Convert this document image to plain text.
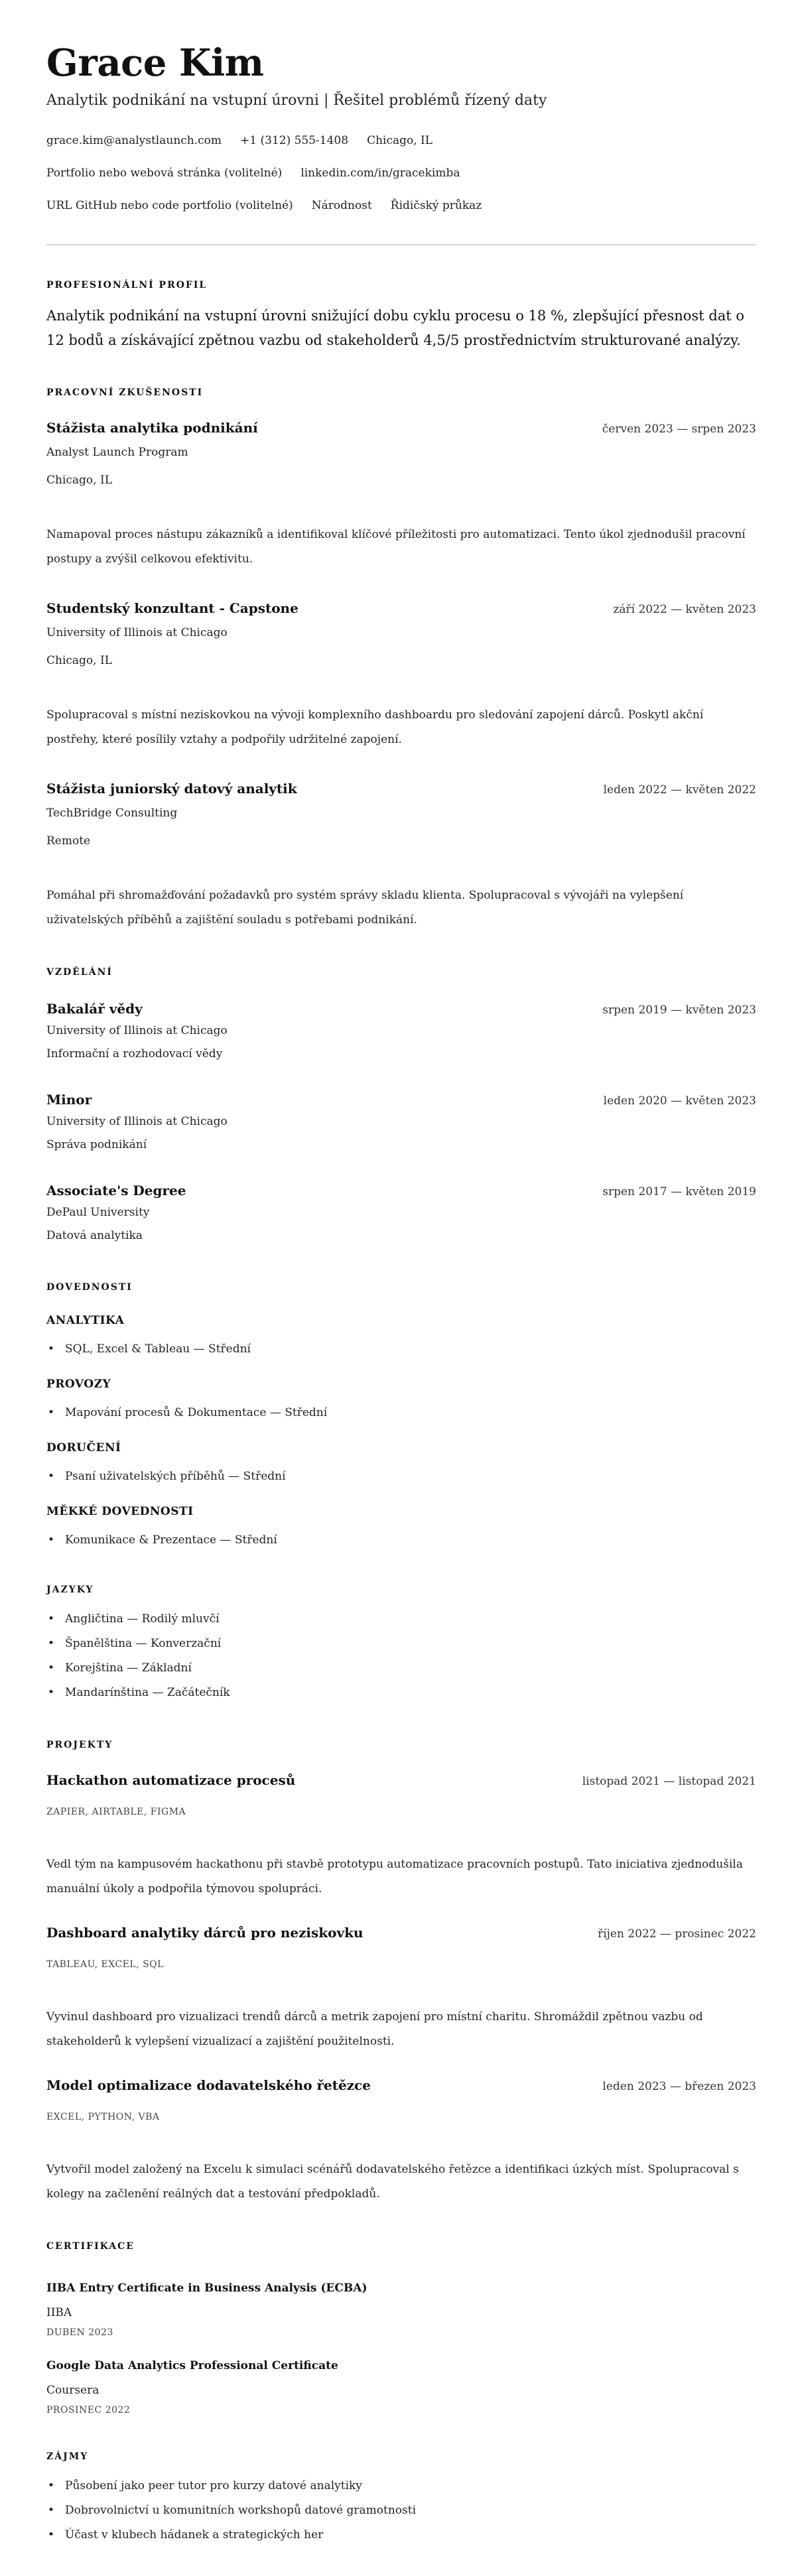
Grace Kim
Analytik podnikání na vstupní úrovni | Řešitel problémů řízený daty
grace.kim@analystlaunch.com +1 (312) 555-1408 Chicago, IL
Portfolio nebo webová stránka (volitelné) linkedin.com/in/gracekimba
URL GitHub nebo code portfolio (volitelné) Národnost Řidičský průkaz
PROFESIONÁLNÍ PROFIL
Analytik podnikání na vstupní úrovni snižující dobu cyklu procesu o 18 %, zlepšující přesnost dat o 12 bodů a získávající zpětnou vazbu od stakeholderů 4,5/5 prostřednictvím strukturované analýzy.
PRACOVNÍ ZKUŠENOSTI
Stážista analytika podnikání	červen 2023 — srpen 2023
Analyst Launch Program
Chicago, IL
Namapoval proces nástupu zákazníků a identifikoval klíčové příležitosti pro automatizaci. Tento úkol zjednodušil pracovní postupy a zvýšil celkovou efektivitu.
Studentský konzultant - Capstone	září 2022 — květen 2023
University of Illinois at Chicago
Chicago, IL
Spolupracoval s místní neziskovkou na vývoji komplexního dashboardu pro sledování zapojení dárců. Poskytl akční postřehy, které posílily vztahy a podpořily udržitelné zapojení.
Stážista juniorský datový analytik	leden 2022 — květen 2022
TechBridge Consulting
Remote
Pomáhal při shromažďování požadavků pro systém správy skladu klienta. Spolupracoval s vývojáři na vylepšení uživatelských příběhů a zajištění souladu s potřebami podnikání.
VZDĚLÁNÍ
Bakalář vědy	srpen 2019 — květen 2023
University of Illinois at Chicago
Informační a rozhodovací vědy
Minor	leden 2020 — květen 2023
University of Illinois at Chicago
Správa podnikání
Associate's Degree	srpen 2017 — květen 2019
DePaul University
Datová analytika
DOVEDNOSTI
ANALYTIKA
• SQL, Excel & Tableau — Střední
PROVOZY
• Mapování procesů & Dokumentace — Střední
DORUČENÍ
• Psaní uživatelských příběhů — Střední
MĚKKÉ DOVEDNOSTI
• Komunikace & Prezentace — Střední
JAZYKY
• Angličtina — Rodilý mluvčí
• Španělština — Konverzační
• Korejština — Základní
• Mandarínština — Začátečník
PROJEKTY
Hackathon automatizace procesů	listopad 2021 — listopad 2021
ZAPIER, AIRTABLE, FIGMA
Vedl tým na kampusovém hackathonu při stavbě prototypu automatizace pracovních postupů. Tato iniciativa zjednodušila manuální úkoly a podpořila týmovou spolupráci.
Dashboard analytiky dárců pro neziskovku	říjen 2022 — prosinec 2022
TABLEAU, EXCEL, SQL
Vyvinul dashboard pro vizualizaci trendů dárců a metrik zapojení pro místní charitu. Shromáždil zpětnou vazbu od stakeholderů k vylepšení vizualizací a zajištění použitelnosti.
Model optimalizace dodavatelského řetězce	leden 2023 — březen 2023
EXCEL, PYTHON, VBA
Vytvořil model založený na Excelu k simulaci scénářů dodavatelského řetězce a identifikaci úzkých míst. Spolupracoval s kolegy na začlenění reálných dat a testování předpokladů.
CERTIFIKACE
IIBA Entry Certificate in Business Analysis (ECBA)
IIBA
DUBEN 2023
Google Data Analytics Professional Certificate
Coursera
PROSINEC 2022
ZÁJMY
• Působení jako peer tutor pro kurzy datové analytiky
• Dobrovolnictví u komunitních workshopů datové gramotnosti
• Účast v klubech hádanek a strategických her
